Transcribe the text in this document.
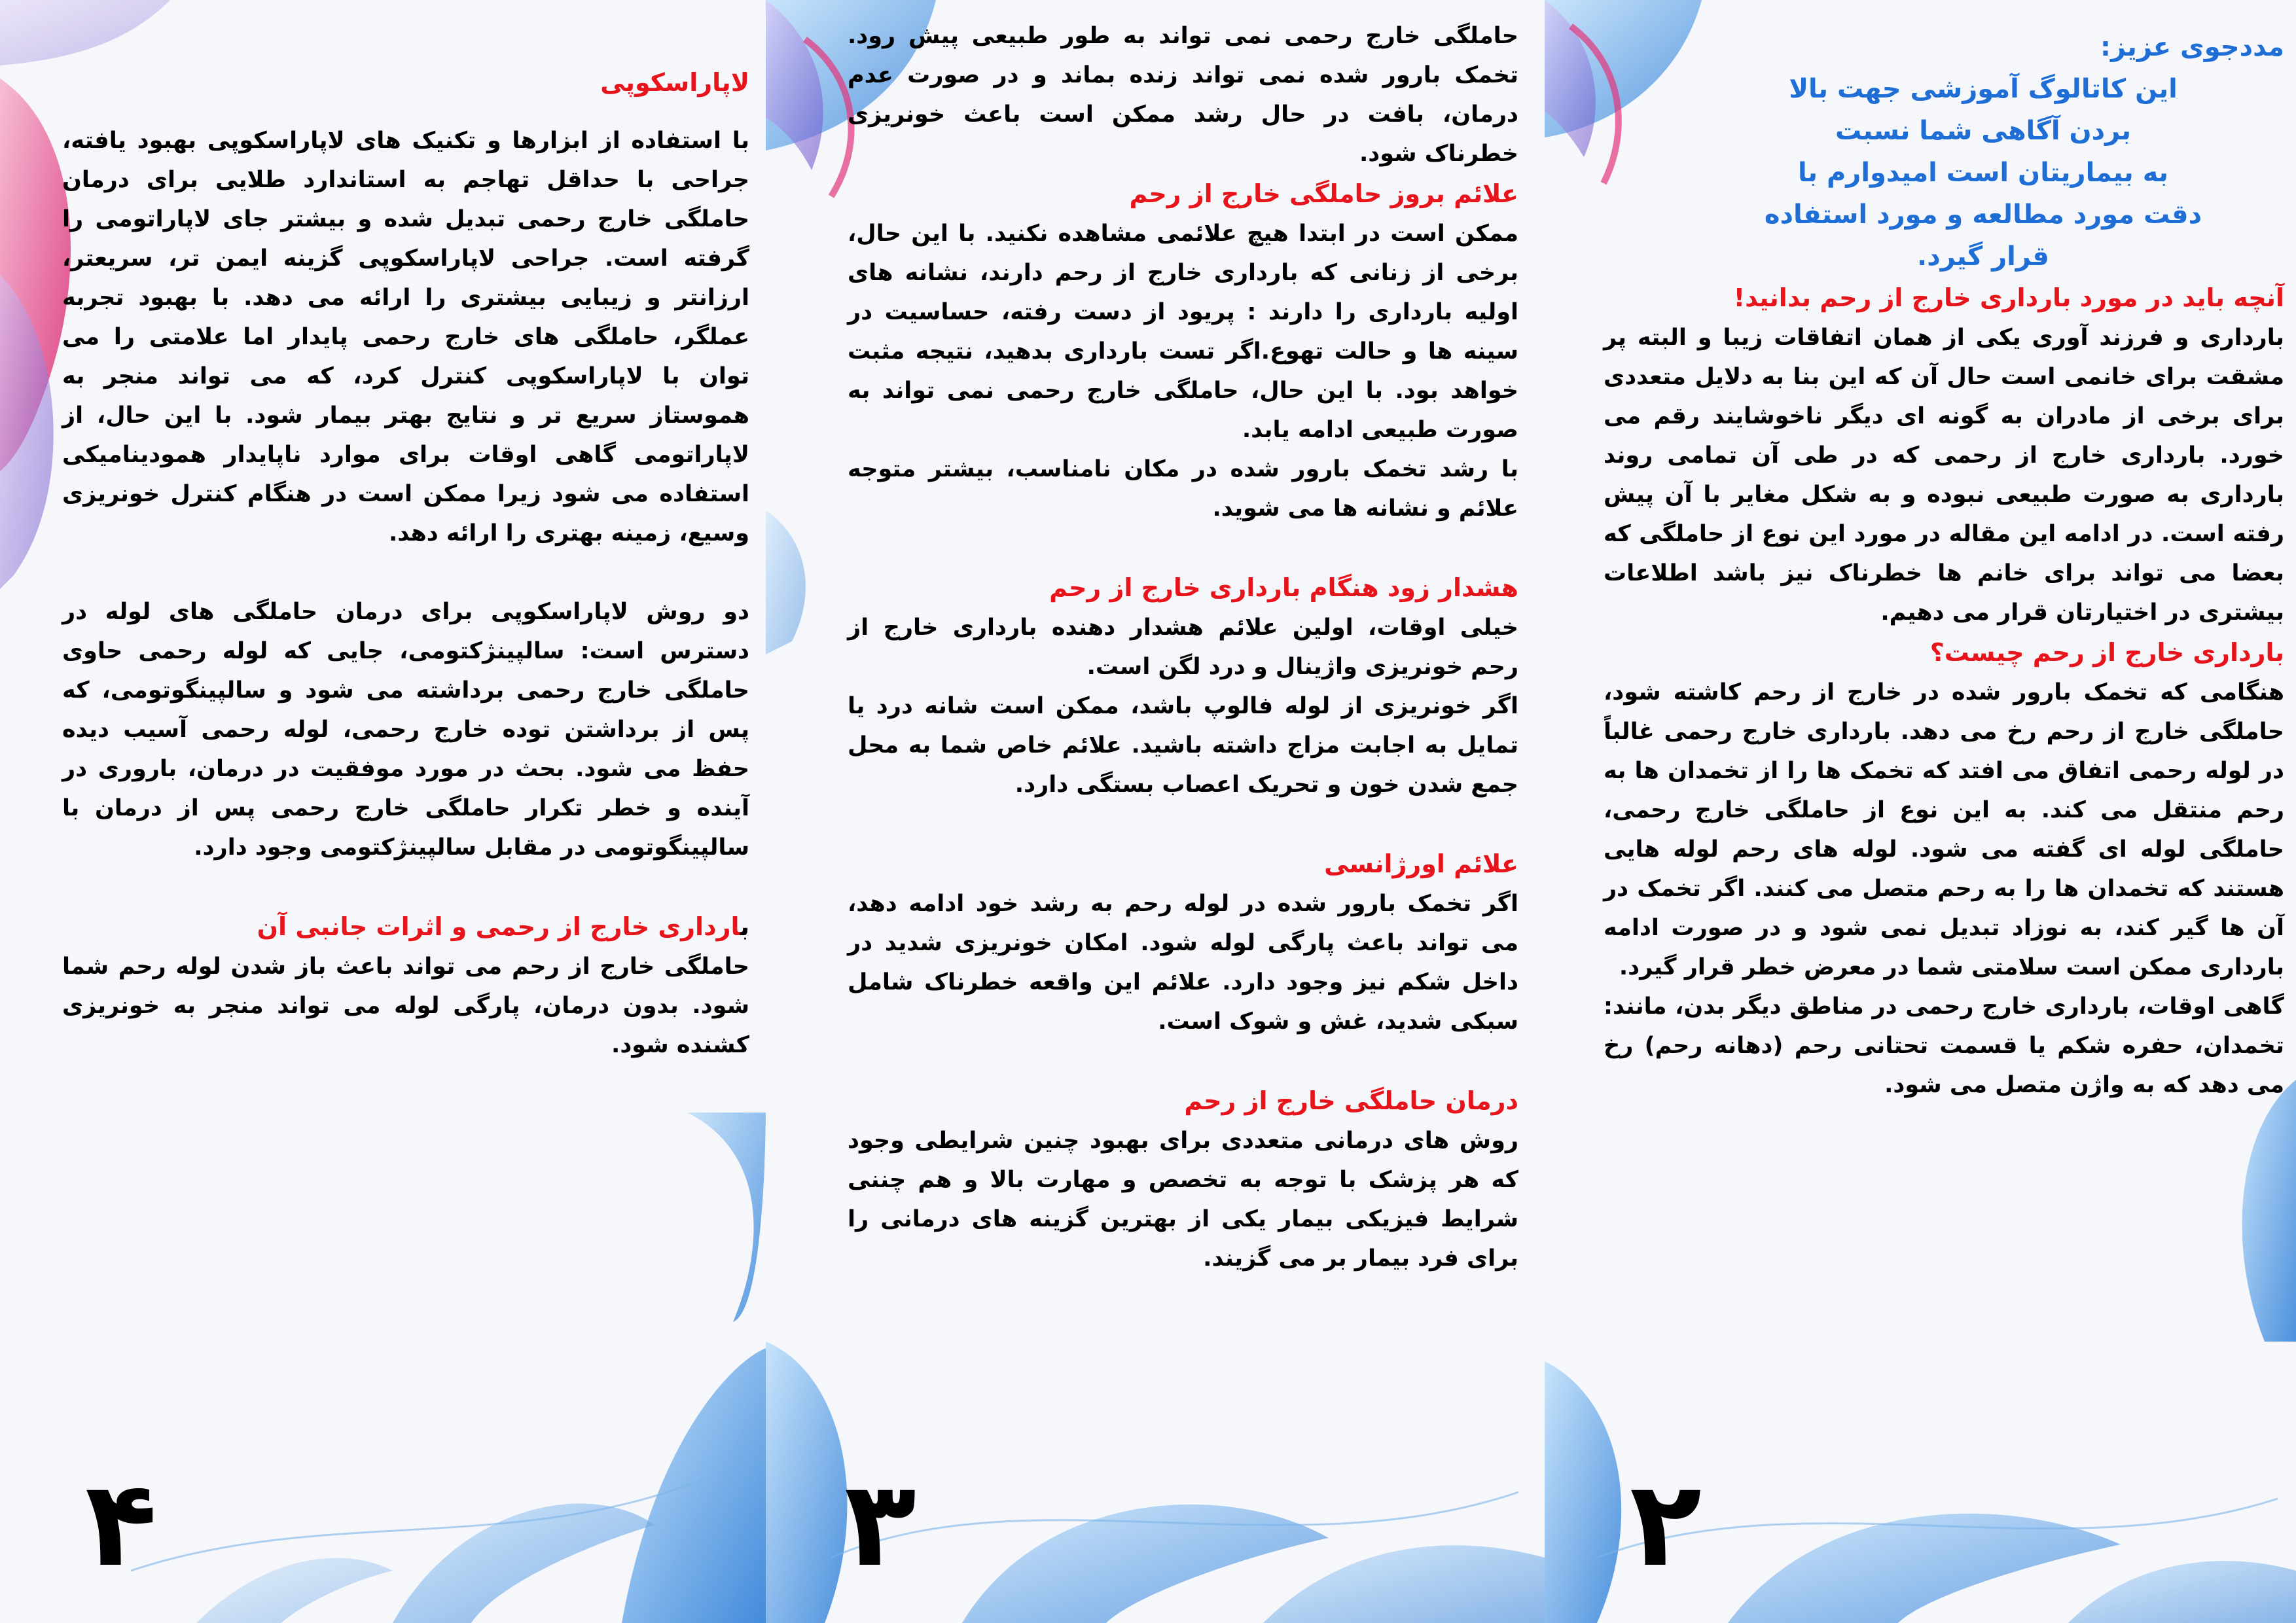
لاپاراسکوپی

با استفاده از ابزارها و تکنیک های لاپاراسکوپی بهبود یافته، جراحی با حداقل تهاجم به استاندارد طلایی برای درمان حاملگی خارج رحمی تبدیل شده و بیشتر جای لاپاراتومی را گرفته است. جراحی لاپاراسکوپی گزینه ایمن تر، سریعتر، ارزانتر و زیبایی بیشتری را ارائه می دهد. با بهبود تجربه عملگر، حاملگی های خارج رحمی پایدار اما علامتی را می توان با لاپاراسکوپی کنترل کرد، که می تواند منجر به هموستاز سریع تر و نتایج بهتر بیمار شود. با این حال، از لاپاراتومی گاهی اوقات برای موارد ناپایدار همودینامیکی استفاده می شود زیرا ممکن است در هنگام کنترل خونریزی وسیع، زمینه بهتری را ارائه دهد.

دو روش لاپاراسکوپی برای درمان حاملگی های لوله در دسترس است: سالپینژکتومی، جایی که لوله رحمی حاوی حاملگی خارج رحمی برداشته می شود و سالپینگوتومی، که پس از برداشتن توده خارج رحمی، لوله رحمی آسیب دیده حفظ می شود. بحث در مورد موفقیت در درمان، باروری در آینده و خطر تکرار حاملگی خارج رحمی پس از درمان با سالپینگوتومی در مقابل سالپینژکتومی وجود دارد.

بارداری خارج از رحمی و اثرات جانبی آن

حاملگی خارج از رحم می تواند باعث باز شدن لوله رحم شما شود. بدون درمان، پارگی لوله می تواند منجر به خونریزی کشنده شود.

۴

حاملگی خارج رحمی نمی تواند به طور طبیعی پیش رود. تخمک بارور شده نمی تواند زنده بماند و در صورت عدم درمان، بافت در حال رشد ممکن است باعث خونریزی خطرناک شود.

علائم بروز حاملگی خارج از رحم

ممکن است در ابتدا هیچ علائمی مشاهده نکنید. با این حال، برخی از زنانی که بارداری خارج از رحم دارند، نشانه های اولیه بارداری را دارند : پریود از دست رفته، حساسیت در سینه ها و حالت تهوع.اگر تست بارداری بدهید، نتیجه مثبت خواهد بود. با این حال، حاملگی خارج رحمی نمی تواند به صورت طبیعی ادامه یابد.

با رشد تخمک بارور شده در مکان نامناسب، بیشتر متوجه علائم و نشانه ها می شوید.

هشدار زود هنگام بارداری خارج از رحم

خیلی اوقات، اولین علائم هشدار دهنده بارداری خارج از رحم خونریزی واژینال و درد لگن است.

اگر خونریزی از لوله فالوپ باشد، ممکن است شانه درد یا تمایل به اجابت مزاج داشته باشید. علائم خاص شما به محل جمع شدن خون و تحریک اعصاب بستگی دارد.

علائم اورژانسی

اگر تخمک بارور شده در لوله رحم به رشد خود ادامه دهد، می تواند باعث پارگی لوله شود. امکان خونریزی شدید در داخل شکم نیز وجود دارد. علائم این واقعه خطرناک شامل سبکی شدید، غش و شوک است.

درمان حاملگی خارج از رحم

روش های درمانی متعددی برای بهبود چنین شرایطی وجود که هر پزشک با توجه به تخصص و مهارت بالا و هم چننی شرایط فیزیکی بیمار یکی از بهترین گزینه های درمانی را برای فرد بیمار بر می گزیند.

۳
مددجوی عزیز:
این کاتالوگ آموزشی جهت بالا
بردن آگاهی شما نسبت
به بیماریتان است امیدوارم با
دقت مورد مطالعه و مورد استفاده
قرار گیرد.
آنچه باید در مورد بارداری خارج از رحم بدانید!

بارداری و فرزند آوری یکی از همان اتفاقات زیبا و البته پر مشقت برای خانمی است حال آن که این بنا به دلایل متعددی برای برخی از مادران به گونه ای دیگر ناخوشایند رقم می خورد. بارداری خارج از رحمی که در طی آن تمامی روند بارداری به صورت طبیعی نبوده و به شکل مغایر با آن پیش رفته است. در ادامه این مقاله در مورد این نوع از حاملگی که بعضا می تواند برای خانم ها خطرناک نیز باشد اطلاعات بیشتری در اختیارتان قرار می دهیم.

بارداری خارج از رحم چیست؟

هنگامی که تخمک بارور شده در خارج از رحم کاشته شود، حاملگی خارج از رحم رخ می دهد. بارداری خارج رحمی غالباً در لوله رحمی اتفاق می افتد که تخمک ها را از تخمدان ها به رحم منتقل می کند. به این نوع از حاملگی خارج رحمی، حاملگی لوله ای گفته می شود. لوله های رحم لوله هایی هستند که تخمدان ها را به رحم متصل می کنند. اگر تخمک در آن ها گیر کند، به نوزاد تبدیل نمی شود و در صورت ادامه بارداری ممکن است سلامتی شما در معرض خطر قرار گیرد.

گاهی اوقات، بارداری خارج رحمی در مناطق دیگر بدن، مانند: تخمدان، حفره شکم یا قسمت تحتانی رحم (دهانه رحم) رخ می دهد که به واژن متصل می شود.

۲
